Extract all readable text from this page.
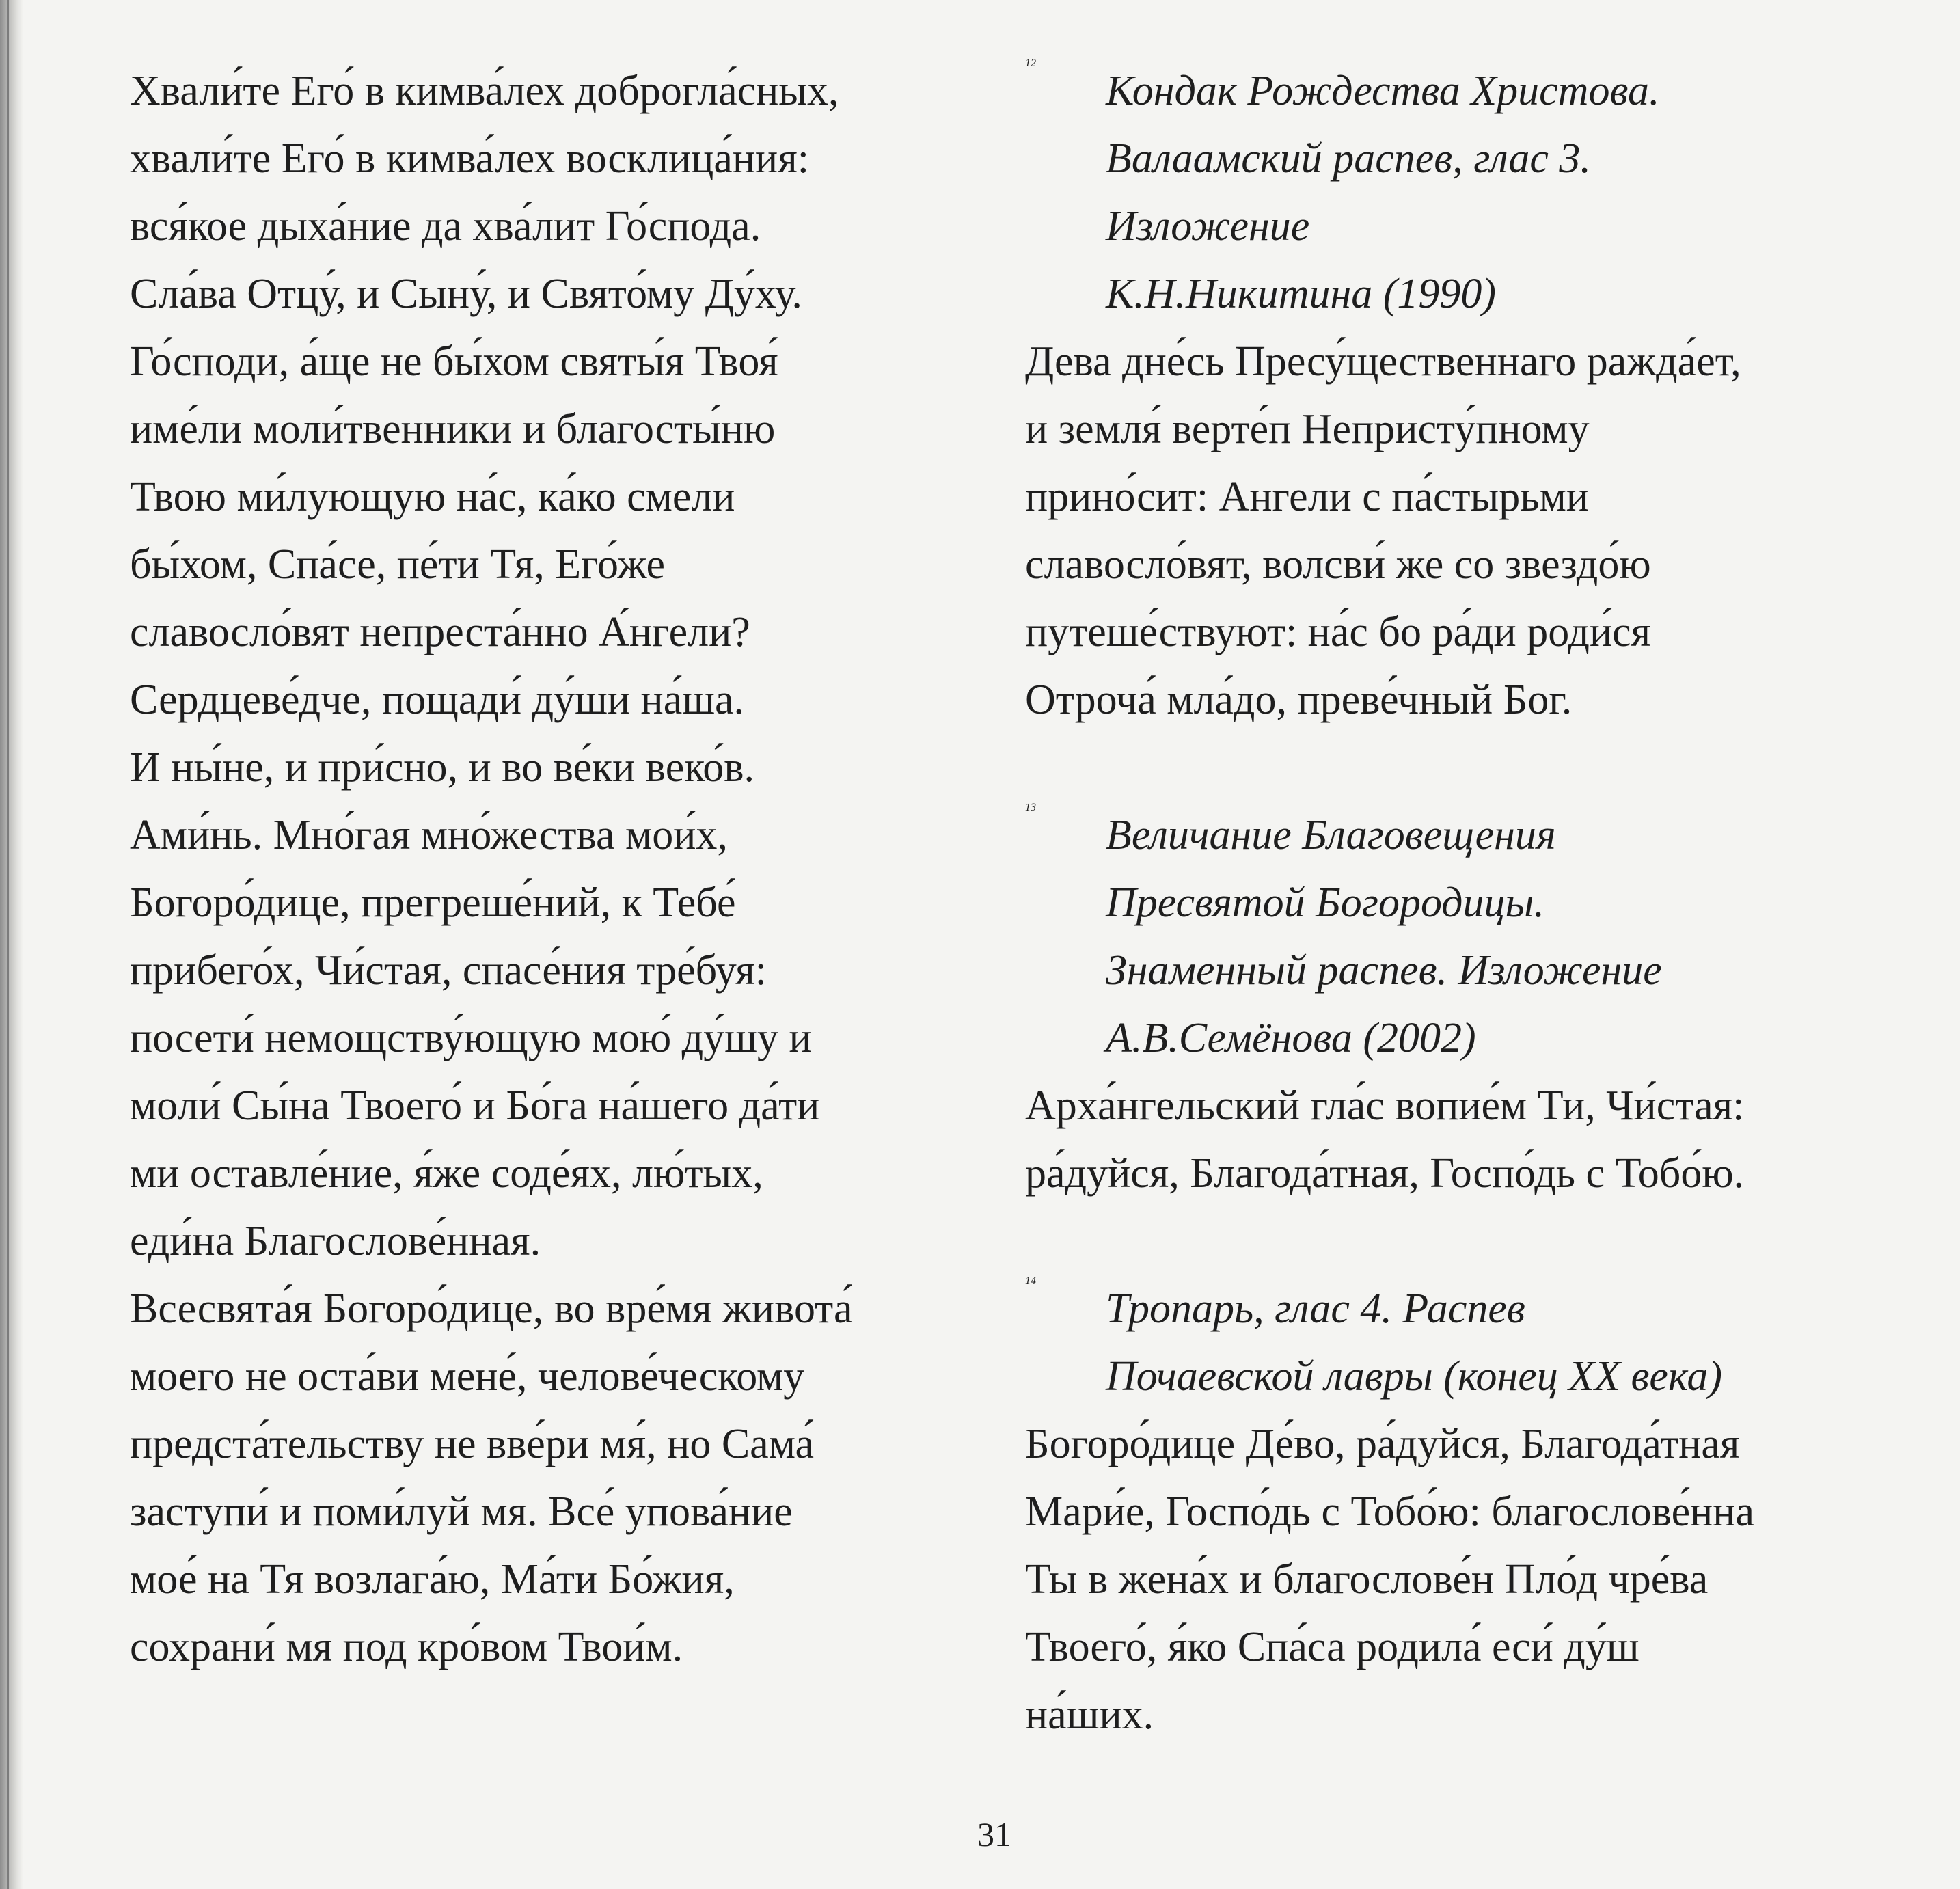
Хвали́те Его́ в кимва́лех доброгла́сных,
хвали́те Его́ в кимва́лех восклица́ния:
вся́кое дыха́ние да хва́лит Го́спода.
Сла́ва Отцу́, и Сыну́, и Свято́му Ду́ху.
Го́споди, а́ще не бы́хом святы́я Твоя́
име́ли моли́твенники и благосты́ню
Твою ми́лующую на́с, ка́ко смели
бы́хом, Спа́се, пе́ти Тя, Его́же
славосло́вят непреста́нно А́нгели?
Сердцеве́дче, пощади́ ду́ши на́ша.
И ны́не, и при́сно, и во ве́ки веко́в.
Ами́нь. Мно́гая мно́жества мои́х,
Богоро́дице, прегреше́ний, к Тебе́
прибего́х, Чи́стая, спасе́ния тре́буя:
посети́ немощству́ющую мою́ ду́шу и
моли́ Сы́на Твоего́ и Бо́га на́шего да́ти
ми оставле́ние, я́же соде́ях, лю́тых,
еди́на Благослове́нная.
Всесвята́я Богоро́дице, во вре́мя живота́
моего не оста́ви мене́, челове́ческому
предста́тельству не вве́ри мя́, но Сама́
заступи́ и поми́луй мя. Все́ упова́ние
мое́ на Тя возлага́ю, Ма́ти Бо́жия,
сохрани́ мя под кро́вом Твои́м.
12
Кондак Рождества Христова.
Валаамский распев, глас 3.
Изложение
К.Н.Никитина (1990)
Дева дне́сь Пресу́щественнаго ражда́ет,
и земля́ верте́п Непристу́пному
прино́сит: Ангели с па́стырьми
славосло́вят, волсви́ же со звездо́ю
путеше́ствуют: на́с бо ра́ди роди́ся
Отроча́ мла́до, преве́чный Бог.
13
Величание Благовещения
Пресвятой Богородицы.
Знаменный распев. Изложение
А.В.Семёнова (2002)
Арха́нгельский гла́с вопие́м Ти, Чи́стая:
ра́дуйся, Благода́тная, Госпо́дь с Тобо́ю.
14
Тропарь, глас 4. Распев
Почаевской лавры (конец XX века)
Богоро́дице Де́во, ра́дуйся, Благода́тная
Мари́е, Госпо́дь с Тобо́ю: благослове́нна
Ты в жена́х и благослове́н Пло́д чре́ва
Твоего́, я́ко Спа́са родила́ еси́ ду́ш
на́ших.
31
